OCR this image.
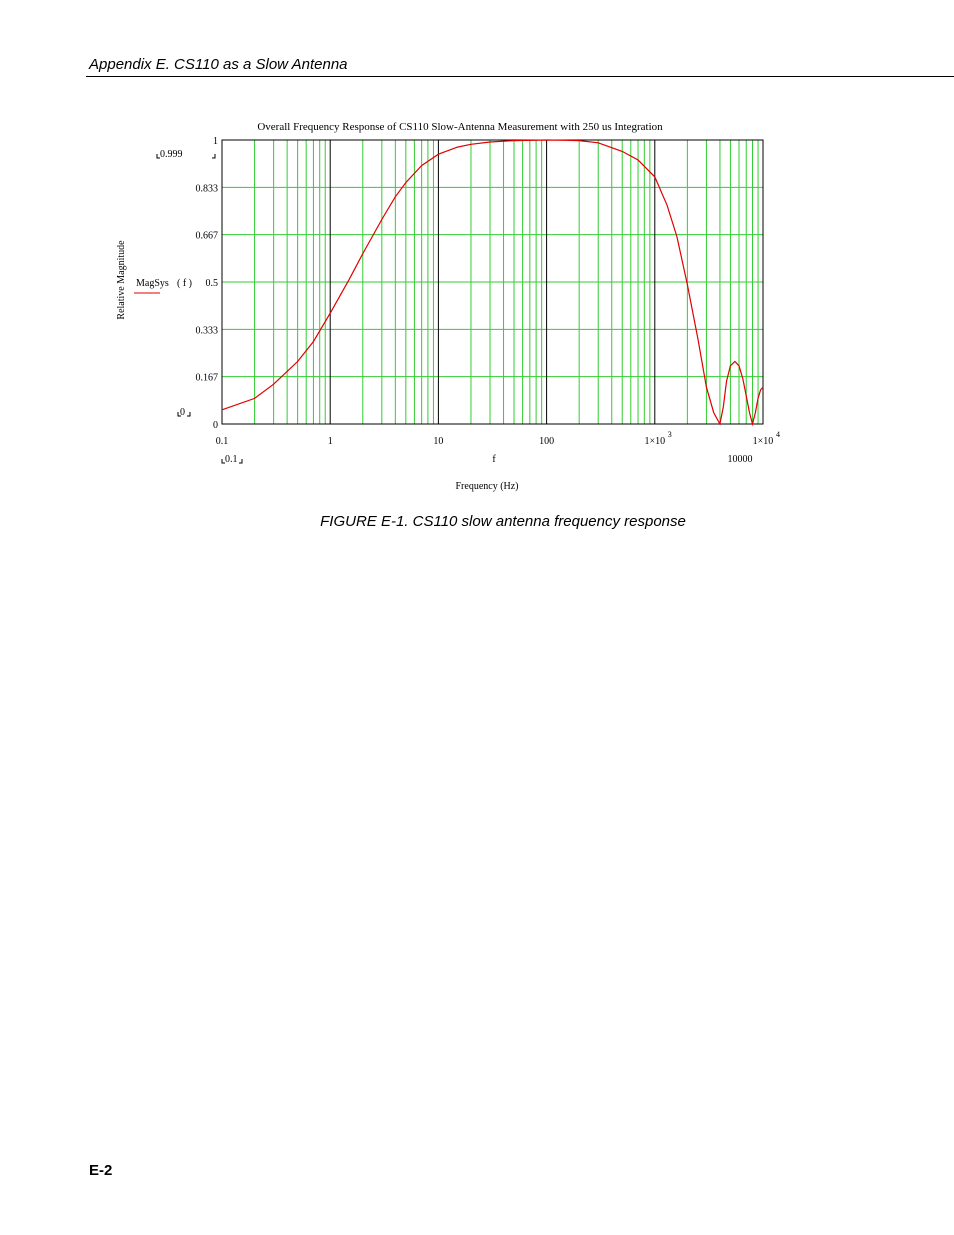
Appendix E. CS110 as a Slow Antenna
Overall Frequency Response of CS110 Slow-Antenna Measurement with 250 us Integration
Relative Magnitude
0.999
0
MagSys ( f )
0
0.167
0.333
0.5
0.667
0.833
1
0.1	1	10	100	1×10
3
1×10
4
0.1	f	10000
Frequency (Hz)
FIGURE E-1. CS110 slow antenna frequency response
E-2
